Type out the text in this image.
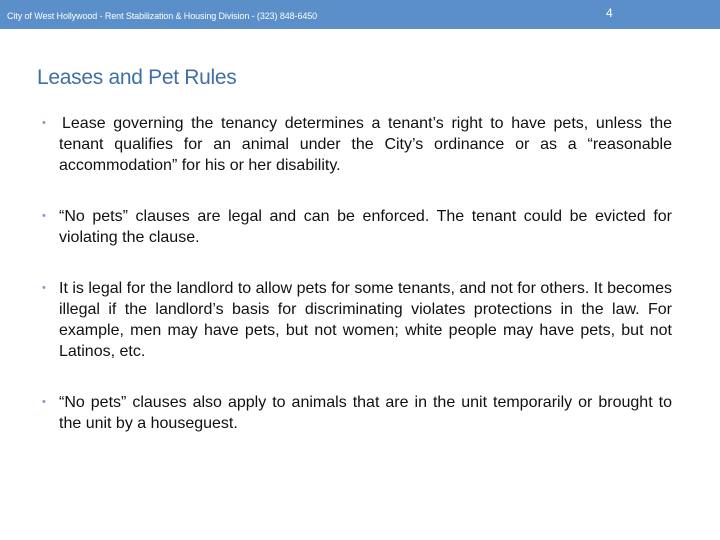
City of West Hollywood - Rent Stabilization & Housing Division - (323) 848-6450	4
Leases and Pet Rules
• Lease governing the tenancy determines a tenant’s right to have pets, unless the tenant qualifies for an animal under the City’s ordinance or as a “reasonable accommodation” for his or her disability.
• “No pets” clauses are legal and can be enforced. The tenant could be evicted for violating the clause.
• It is legal for the landlord to allow pets for some tenants, and not for others. It becomes illegal if the landlord’s basis for discriminating violates protections in the law. For example, men may have pets, but not women; white people may have pets, but not Latinos, etc.
• “No pets” clauses also apply to animals that are in the unit temporarily or brought to the unit by a houseguest.
